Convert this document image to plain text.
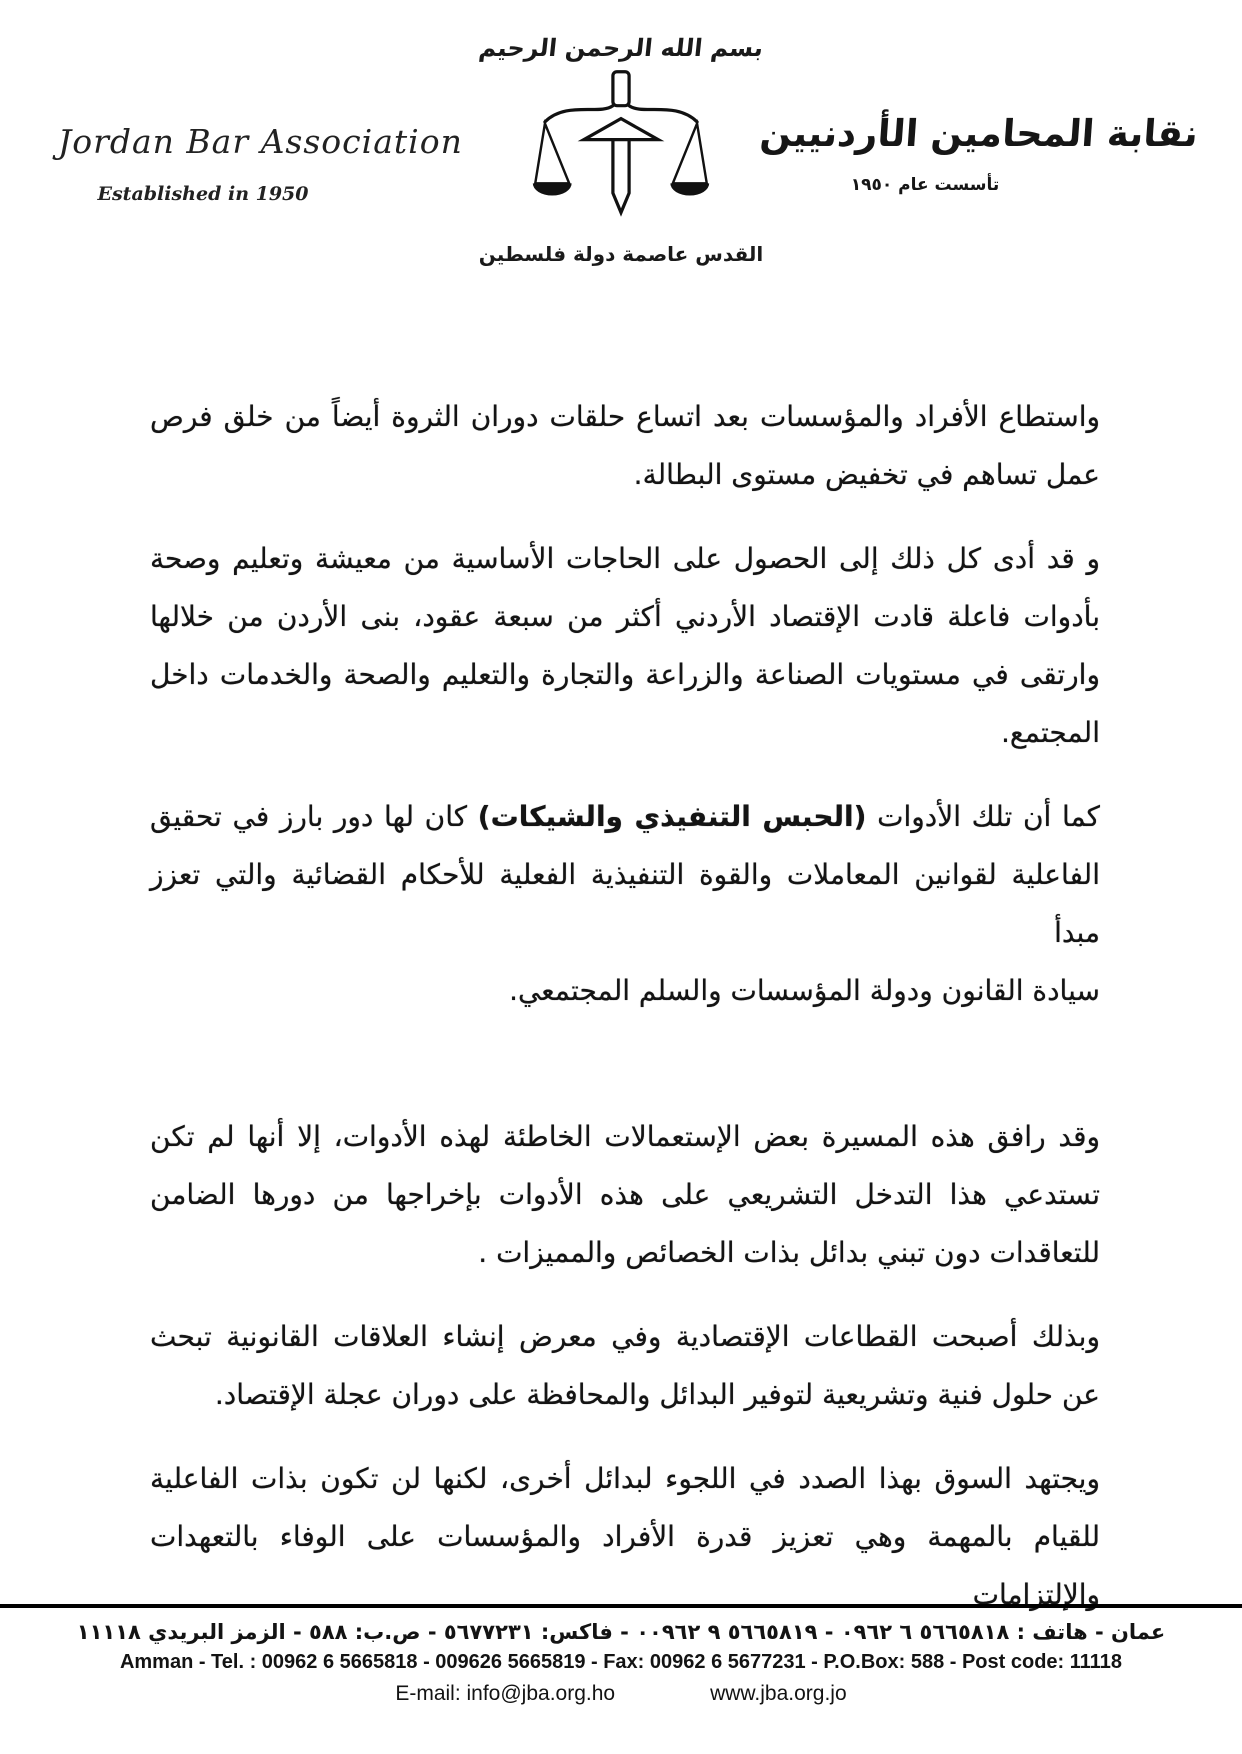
Jordan Bar Association
Established in 1950
بسم الله الرحمن الرحيم
القدس عاصمة دولة فلسطين
نقابة المحامين الأردنيين
تأسست عام ١٩٥٠

واستطاع الأفراد والمؤسسات بعد اتساع حلقات دوران الثروة أيضاً من خلق فرص
عمل تساهم في تخفيض مستوى البطالة.

و قد أدى كل ذلك إلى الحصول على الحاجات الأساسية من معيشة وتعليم وصحة
بأدوات فاعلة قادت الإقتصاد الأردني أكثر من سبعة عقود، بنى الأردن من خلالها
وارتقى في مستويات الصناعة والزراعة والتجارة والتعليم والصحة والخدمات داخل
المجتمع.

كما أن تلك الأدوات (الحبس التنفيذي والشيكات) كان لها دور بارز في تحقيق
الفاعلية لقوانين المعاملات والقوة التنفيذية الفعلية للأحكام القضائية والتي تعزز مبدأ
سيادة القانون ودولة المؤسسات والسلم المجتمعي.

وقد رافق هذه المسيرة بعض الإستعمالات الخاطئة لهذه الأدوات، إلا أنها لم تكن
تستدعي هذا التدخل التشريعي على هذه الأدوات بإخراجها من دورها الضامن
للتعاقدات دون تبني بدائل بذات الخصائص والمميزات .

وبذلك أصبحت القطاعات الإقتصادية وفي معرض إنشاء العلاقات القانونية تبحث
عن حلول فنية وتشريعية لتوفير البدائل والمحافظة على دوران عجلة الإقتصاد.

ويجتهد السوق بهذا الصدد في اللجوء لبدائل أخرى، لكنها لن تكون بذات الفاعلية
للقيام بالمهمة وهي تعزيز قدرة الأفراد والمؤسسات على الوفاء بالتعهدات والإلتزامات

عمان - هاتف : ٥٦٦٥٨١٨ ٦ ٠٩٦٢ - ٥٦٦٥٨١٩ ٩ ٠٠٩٦٢ - فاكس: ٥٦٧٧٢٣١ - ص.ب: ٥٨٨ - الزمز البريدي ١١١١٨
Amman - Tel. : 00962 6 5665818 - 009626 5665819 - Fax: 00962 6 5677231 - P.O.Box: 588 - Post code: 11118
E-mail: info@jba.org.ho	www.jba.org.jo
